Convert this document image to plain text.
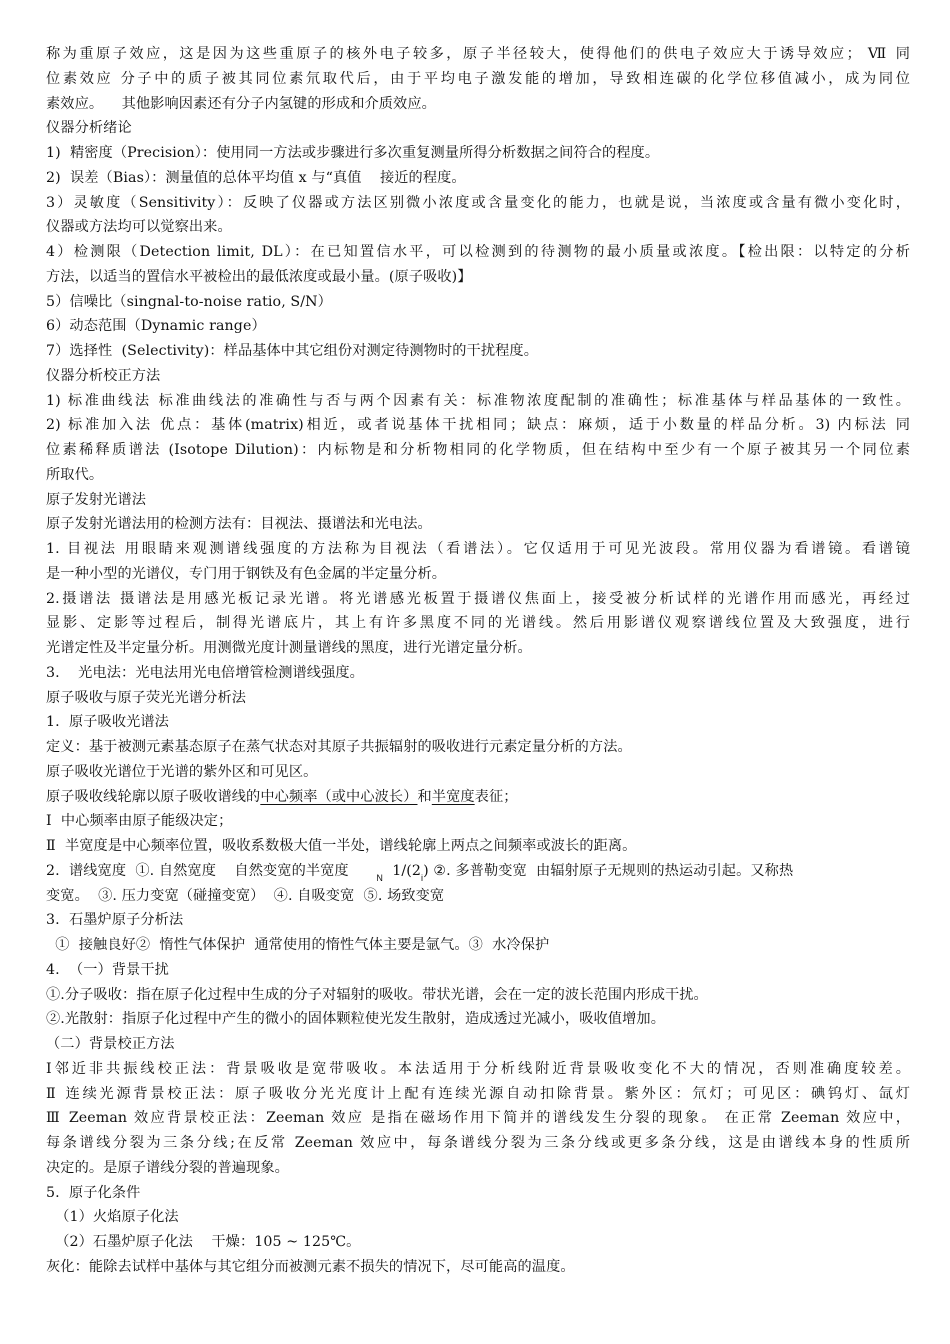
称为重原子效应，这是因为这些重原子的核外电子较多，原子半径较大，使得他们的供电子效应大于诱导效应； Ⅶ 同
位素效应 分子中的质子被其同位素氘取代后，由于平均电子激发能的增加，导致相连碳的化学位移值减小，成为同位
素效应。    其他影响因素还有分子内氢键的形成和介质效应。
仪器分析绪论
1)  精密度（Precision）：使用同一方法或步骤进行多次重复测量所得分析数据之间符合的程度。
2)  误差（Bias）：测量值的总体平均值 x 与“真值    接近的程度。
3）灵敏度（Sensitivity）：反映了仪器或方法区别微小浓度或含量变化的能力，也就是说，当浓度或含量有微小变化时，
仪器或方法均可以觉察出来。
4）检测限（Detection limit, DL）：在已知置信水平，可以检测到的待测物的最小质量或浓度。【检出限：以特定的分析
方法，以适当的置信水平被检出的最低浓度或最小量。(原子吸收)】
5）信噪比（singnal-to-noise ratio, S/N）
6）动态范围（Dynamic range）
7）选择性  (Selectivity)：样品基体中其它组份对测定待测物时的干扰程度。
仪器分析校正方法
1) 标准曲线法 标准曲线法的准确性与否与两个因素有关：标准物浓度配制的准确性；标准基体与样品基体的一致性。
2) 标准加入法 优点：基体(matrix)相近，或者说基体干扰相同；缺点：麻烦，适于小数量的样品分析。3) 内标法 同
位素稀释质谱法 (Isotope Dilution)：内标物是和分析物相同的化学物质，但在结构中至少有一个原子被其另一个同位素
所取代。
原子发射光谱法
原子发射光谱法用的检测方法有：目视法、摄谱法和光电法。
1. 目视法 用眼睛来观测谱线强度的方法称为目视法（看谱法）。它仅适用于可见光波段。常用仪器为看谱镜。看谱镜
是一种小型的光谱仪，专门用于钢铁及有色金属的半定量分析。
2.摄谱法 摄谱法是用感光板记录光谱。将光谱感光板置于摄谱仪焦面上，接受被分析试样的光谱作用而感光，再经过
显影、定影等过程后，制得光谱底片，其上有许多黑度不同的光谱线。然后用影谱仪观察谱线位置及大致强度，进行
光谱定性及半定量分析。用测微光度计测量谱线的黑度，进行光谱定量分析。
3.    光电法：光电法用光电倍增管检测谱线强度。
原子吸收与原子荧光光谱分析法
1.  原子吸收光谱法
定义：基于被测元素基态原子在蒸气状态对其原子共振辐射的吸收进行元素定量分析的方法。
原子吸收光谱位于光谱的紫外区和可见区。
原子吸收线轮廓以原子吸收谱线的中心频率（或中心波长）和半宽度表征；
Ⅰ  中心频率由原子能级决定；
Ⅱ  半宽度是中心频率位置，吸收系数极大值一半处，谱线轮廓上两点之间频率或波长的距离。
2.  谱线宽度  ①. 自然宽度    自然变宽的半宽度      $_N$  $1/(2_i)$ ②. 多普勒变宽  由辐射原子无规则的热运动引起。又称热
变宽。  ③. 压力变宽（碰撞变宽）  ④. 自吸变宽  ⑤. 场致变宽
3.  石墨炉原子分析法
①  接触良好②  惰性气体保护  通常使用的惰性气体主要是氩气。③  水冷保护
4.  （一）背景干扰
①.分子吸收：指在原子化过程中生成的分子对辐射的吸收。带状光谱，会在一定的波长范围内形成干扰。
②.光散射：指原子化过程中产生的微小的固体颗粒使光发生散射，造成透过光减小，吸收值增加。
（二）背景校正方法
Ⅰ邻近非共振线校正法：背景吸收是宽带吸收。本法适用于分析线附近背景吸收变化不大的情况，否则准确度较差。
Ⅱ 连续光源背景校正法：原子吸收分光光度计上配有连续光源自动扣除背景。紫外区：氘灯；可见区：碘钨灯、氙灯
Ⅲ Zeeman 效应背景校正法：Zeeman 效应 是指在磁场作用下简并的谱线发生分裂的现象。 在正常 Zeeman 效应中，
每条谱线分裂为三条分线;在反常 Zeeman 效应中，每条谱线分裂为三条分线或更多条分线，这是由谱线本身的性质所
决定的。是原子谱线分裂的普遍现象。
5.  原子化条件
（1）火焰原子化法
（2）石墨炉原子化法    干燥：105 ~ 125℃。
灰化：能除去试样中基体与其它组分而被测元素不损失的情况下，尽可能高的温度。
